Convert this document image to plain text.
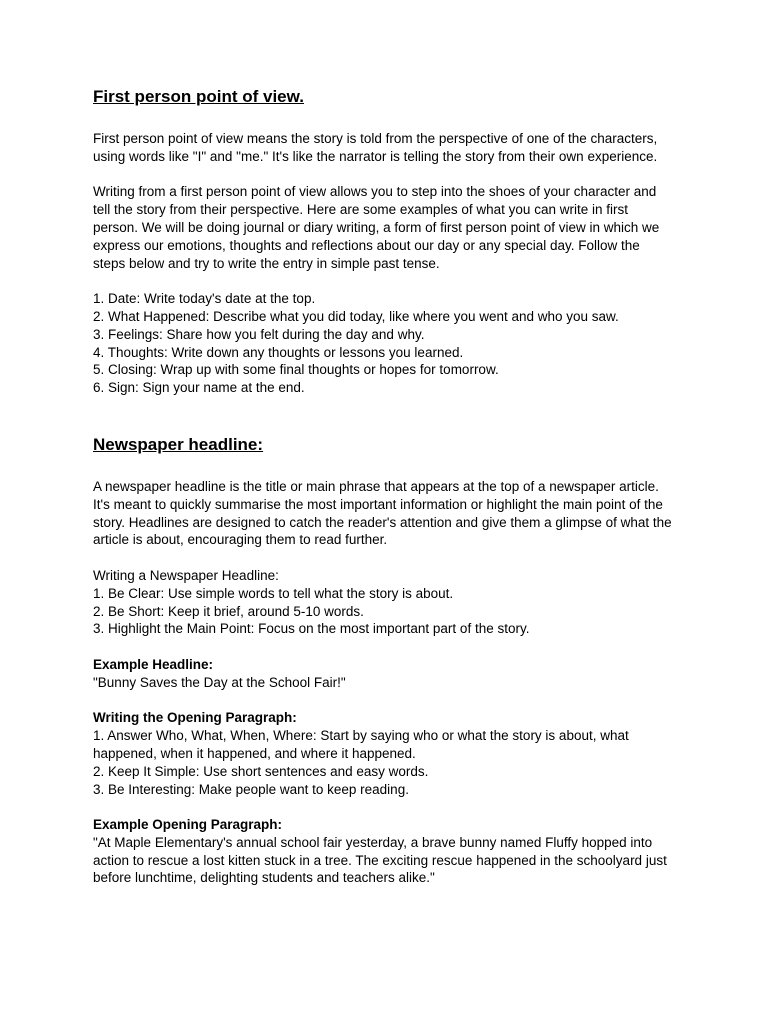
First person point of view.

First person point of view means the story is told from the perspective of one of the characters, using words like "I" and "me." It's like the narrator is telling the story from their own experience.

Writing from a first person point of view allows you to step into the shoes of your character and tell the story from their perspective. Here are some examples of what you can write in first person. We will be doing journal or diary writing, a form of first person point of view in which we express our emotions, thoughts and reflections about our day or any special day. Follow the steps below and try to write the entry in simple past tense.

1. Date: Write today's date at the top.
2. What Happened: Describe what you did today, like where you went and who you saw.
3. Feelings: Share how you felt during the day and why.
4. Thoughts: Write down any thoughts or lessons you learned.
5. Closing: Wrap up with some final thoughts or hopes for tomorrow.
6. Sign: Sign your name at the end.
Newspaper headline:

A newspaper headline is the title or main phrase that appears at the top of a newspaper article. It's meant to quickly summarise the most important information or highlight the main point of the story. Headlines are designed to catch the reader's attention and give them a glimpse of what the article is about, encouraging them to read further.

Writing a Newspaper Headline:

1. Be Clear: Use simple words to tell what the story is about.
2. Be Short: Keep it brief, around 5-10 words.
3. Highlight the Main Point: Focus on the most important part of the story.

Example Headline:

"Bunny Saves the Day at the School Fair!"

Writing the Opening Paragraph:

1. Answer Who, What, When, Where: Start by saying who or what the story is about, what happened, when it happened, and where it happened.
2. Keep It Simple: Use short sentences and easy words.
3. Be Interesting: Make people want to keep reading.

Example Opening Paragraph:

"At Maple Elementary's annual school fair yesterday, a brave bunny named Fluffy hopped into action to rescue a lost kitten stuck in a tree. The exciting rescue happened in the schoolyard just before lunchtime, delighting students and teachers alike."
